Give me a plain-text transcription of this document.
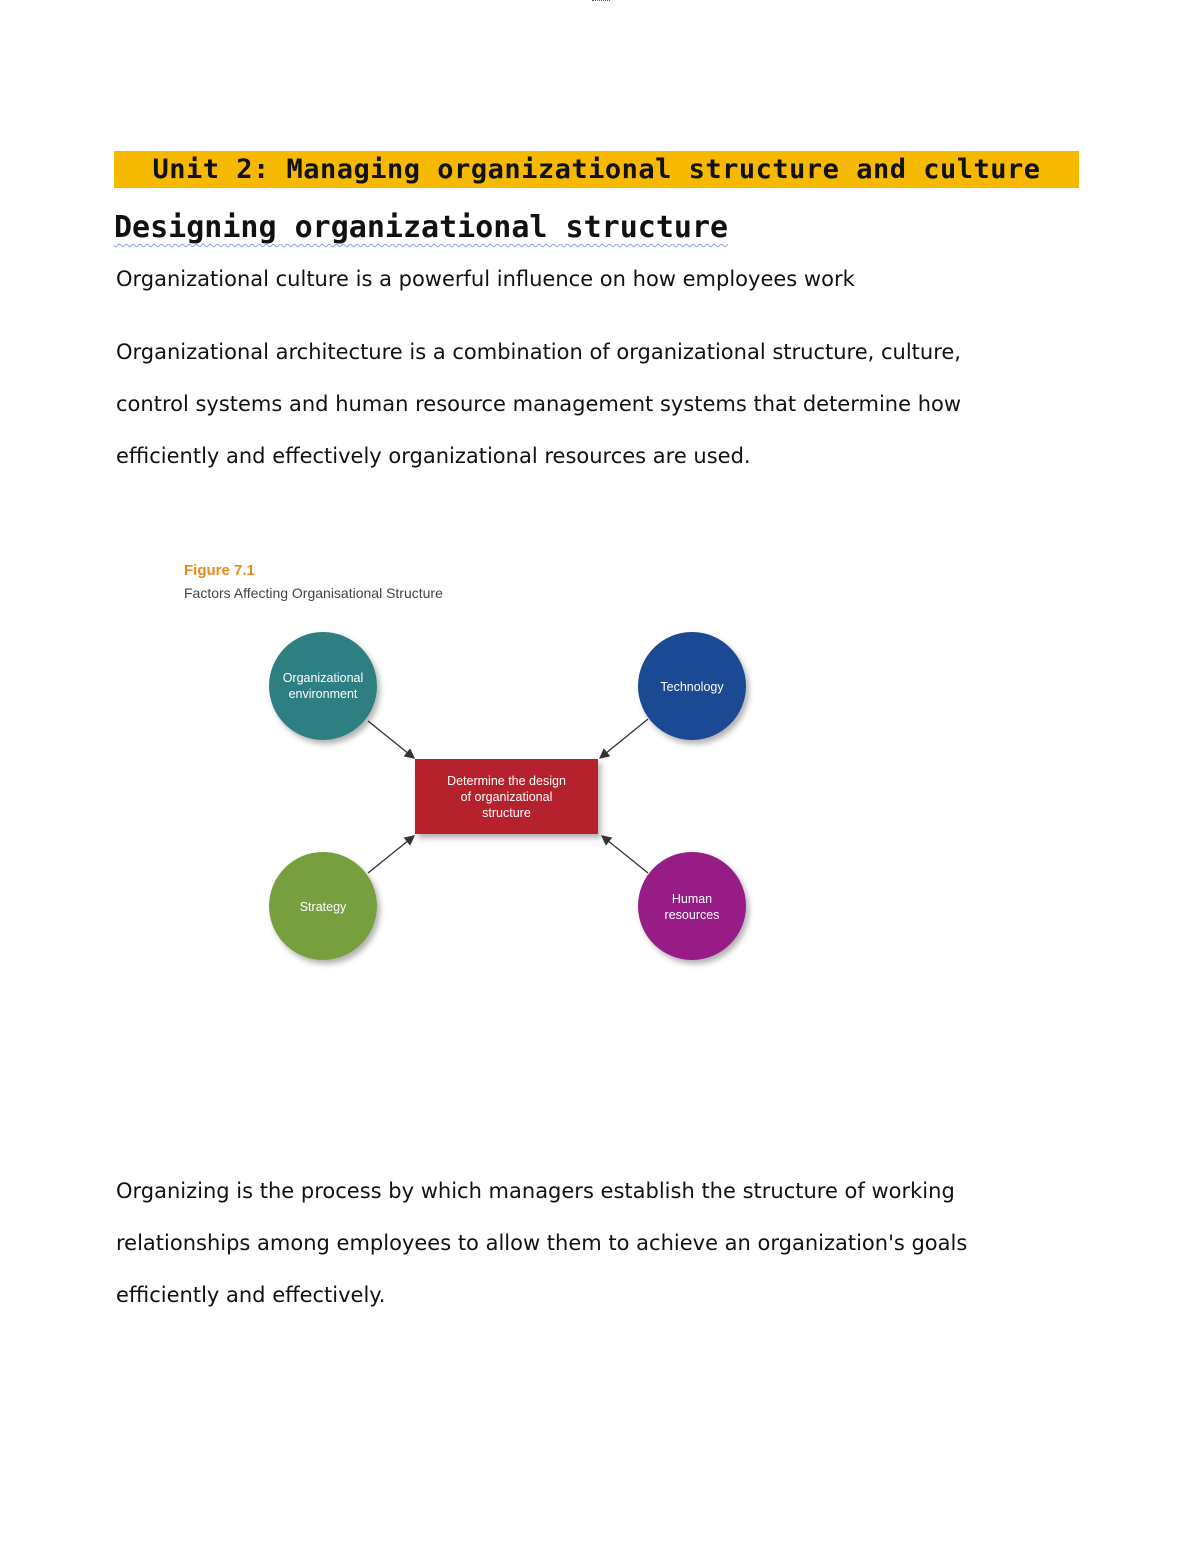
Unit 2: Managing organizational structure and culture
Designing organizational structure

Organizational culture is a powerful influence on how employees work

Organizational architecture is a combination of organizational structure, culture, control systems and human resource management systems that determine how efficiently and effectively organizational resources are used.

Determine the design
of organizational
structure
Organizational
environment	Technology
Strategy
Human
resources
Figure 7.1
Factors Affecting Organisational Structure

Organizing is the process by which managers establish the structure of working relationships among employees to allow them to achieve an organization's goals efficiently and effectively.
